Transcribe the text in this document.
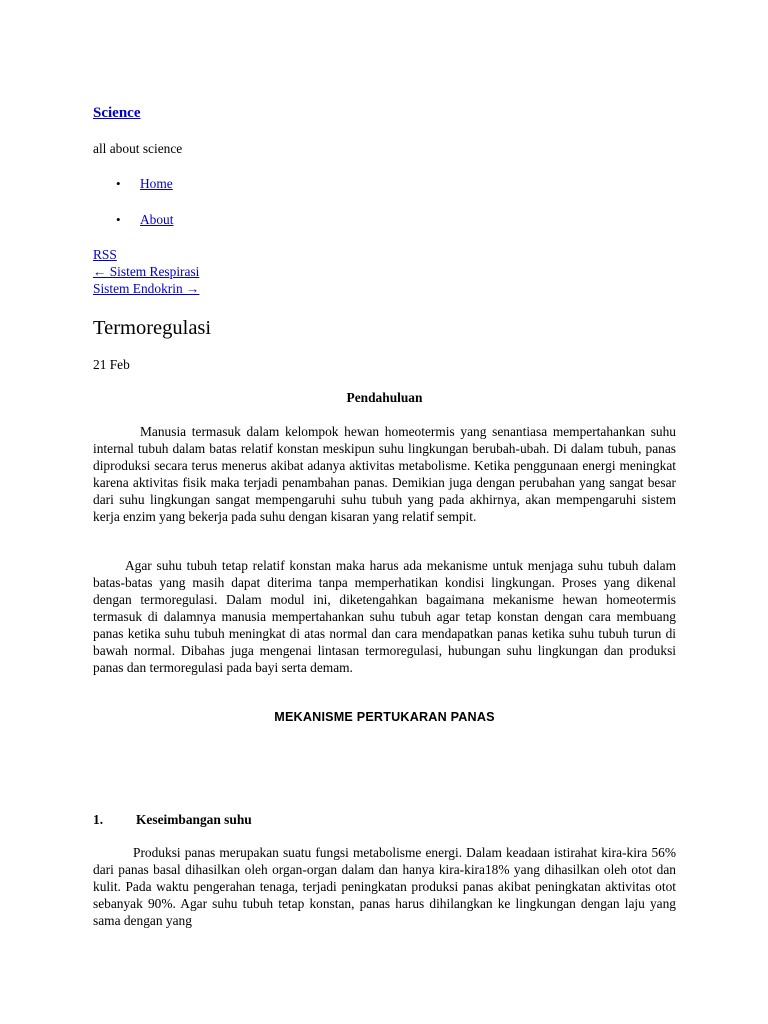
Science
all about science
• Home
• About
RSS
← Sistem Respirasi
Sistem Endokrin →
Termoregulasi
21 Feb
Pendahuluan

Manusia termasuk dalam kelompok hewan homeotermis yang senantiasa mempertahankan suhu internal tubuh dalam batas relatif konstan meskipun suhu lingkungan berubah-ubah. Di dalam tubuh, panas diproduksi secara terus menerus akibat adanya aktivitas metabolisme. Ketika penggunaan energi meningkat karena aktivitas fisik maka terjadi penambahan panas. Demikian juga dengan perubahan yang sangat besar dari suhu lingkungan sangat mempengaruhi suhu tubuh yang pada akhirnya, akan mempengaruhi sistem kerja enzim yang bekerja pada suhu dengan kisaran yang relatif sempit.

Agar suhu tubuh tetap relatif konstan maka harus ada mekanisme untuk menjaga suhu tubuh dalam batas-batas yang masih dapat diterima tanpa memperhatikan kondisi lingkungan. Proses yang dikenal dengan termoregulasi. Dalam modul ini, diketengahkan bagaimana mekanisme hewan homeotermis termasuk di dalamnya manusia mempertahankan suhu tubuh agar tetap konstan dengan cara membuang panas ketika suhu tubuh meningkat di atas normal dan cara mendapatkan panas ketika suhu tubuh turun di bawah normal. Dibahas juga mengenai lintasan termoregulasi, hubungan suhu lingkungan dan produksi panas dan termoregulasi pada bayi serta demam.

MEKANISME PERTUKARAN PANAS
1. Keseimbangan suhu

Produksi panas merupakan suatu fungsi metabolisme energi. Dalam keadaan istirahat kira-kira 56% dari panas basal dihasilkan oleh organ-organ dalam dan hanya kira-kira18% yang dihasilkan oleh otot dan kulit. Pada waktu pengerahan tenaga, terjadi peningkatan produksi panas akibat peningkatan aktivitas otot sebanyak 90%. Agar suhu tubuh tetap konstan, panas harus dihilangkan ke lingkungan dengan laju yang sama dengan yang
